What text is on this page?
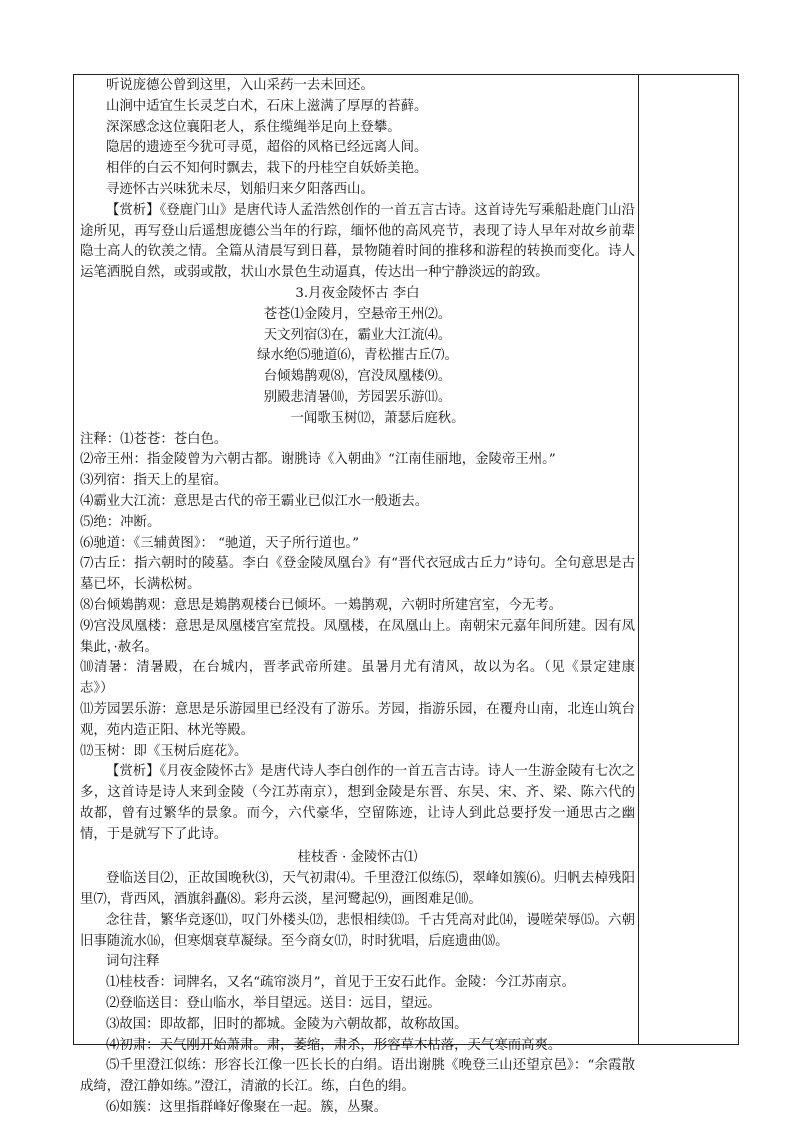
听说庞德公曾到这里，入山采药一去未回还。

山涧中适宜生长灵芝白术，石床上滋满了厚厚的苔藓。

深深感念这位襄阳老人，系住缆绳举足向上登攀。

隐居的遗迹至今犹可寻觅，超俗的风格已经远离人间。

相伴的白云不知何时飘去，栽下的丹桂空自妖娇美艳。

寻迹怀古兴味犹未尽，划船归来夕阳落西山。

【赏析】《登鹿门山》是唐代诗人孟浩然创作的一首五言古诗。这首诗先写乘船赴鹿门山沿途所见，再写登山后遥想庞德公当年的行踪，缅怀他的高风亮节，表现了诗人早年对故乡前辈隐士高人的钦羡之情。全篇从清晨写到日暮，景物随着时间的推移和游程的转换而变化。诗人运笔洒脱自然，或弱或散，状山水景色生动逼真，传达出一种宁静淡远的韵致。

3.月夜金陵怀古 李白

苍苍⑴金陵月，空悬帝王州⑵。

天文列宿⑶在，霸业大江流⑷。

绿水绝⑸驰道⑹，青松摧古丘⑺。

台倾鳷鹊观⑻，宫没凤凰楼⑼。

别殿悲清暑⑽，芳园罢乐游⑾。

一闻歌玉树⑿，萧瑟后庭秋。

注释：⑴苍苍：苍白色。

⑵帝王州：指金陵曾为六朝古都。谢朓诗《入朝曲》“江南佳丽地，金陵帝王州。”

⑶列宿：指天上的星宿。

⑷霸业大江流：意思是古代的帝王霸业已似江水一般逝去。

⑸绝：冲断。

⑹驰道：《三辅黄图》： “驰道，天子所行道也。”

⑺古丘：指六朝时的陵墓。李白《登金陵凤凰台》有“晋代衣冠成古丘力”诗句。全句意思是古墓已坏，长满松树。

⑻台倾鳷鹊观：意思是鳷鹊观楼台已倾坏。一鳷鹊观，六朝时所建宫室，今无考。

⑼宫没凤凰楼：意思是凤凰楼宫室荒投。凤凰楼，在凤凰山上。南朝宋元嘉年间所建。因有凤集此，·赦名。

⑽清暑：清暑殿，在台城内，晋孝武帝所建。虽暑月尤有清风，故以为名。（见《景定建康志》）

⑾芳园罢乐游：意思是乐游园里已经没有了游乐。芳园，指游乐园，在覆舟山南，北连山筑台观，苑内造正阳、林光等殿。

⑿玉树：即《玉树后庭花》。

【赏析】《月夜金陵怀古》是唐代诗人李白创作的一首五言古诗。诗人一生游金陵有七次之多，这首诗是诗人来到金陵（今江苏南京），想到金陵是东晋、东吴、宋、齐、梁、陈六代的故都，曾有过繁华的景象。而今，六代豪华，空留陈迹，让诗人到此总要抒发一通思古之幽情，于是就写下了此诗。

桂枝香 · 金陵怀古⑴

登临送目⑵，正故国晚秋⑶，天气初肃⑷。千里澄江似练⑸，翠峰如簇⑹。归帆去棹残阳里⑺，背西风，酒旗斜矗⑻。彩舟云淡，星河鹭起⑼，画图难足⑽。

念往昔，繁华竞逐⑾，叹门外楼头⑿，悲恨相续⒀。千古凭高对此⒁，谩嗟荣辱⒂。六朝旧事随流水⒃，但寒烟衰草凝绿。至今商女⒄，时时犹唱，后庭遗曲⒅。

词句注释

⑴桂枝香：词牌名，又名“疏帘淡月”，首见于王安石此作。金陵：今江苏南京。

⑵登临送目：登山临水，举目望远。送目：远目，望远。

⑶故国：即故都，旧时的都城。金陵为六朝故都，故称故国。

⑷初肃：天气刚开始萧肃。肃，萎缩，肃杀，形容草木枯落，天气寒而高爽。

⑸千里澄江似练：形容长江像一匹长长的白绢。语出谢朓《晚登三山还望京邑》：“余霞散成绮，澄江静如练。”澄江，清澈的长江。练，白色的绢。

⑹如簇：这里指群峰好像聚在一起。簇，丛聚。
